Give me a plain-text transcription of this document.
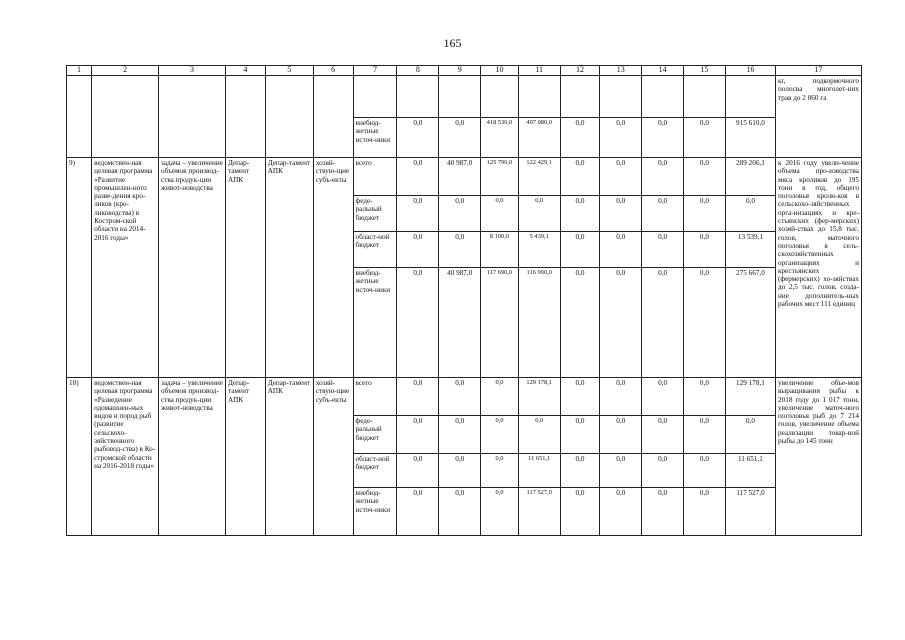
165
1	2	3	4	5	6	7	8	9	10	11	12	13	14	15	16	17
																кг, подкормочного полосва многолет-них трав до 2 860 га
						внебюд-жетные источ-ники	0,0	0,0	418 530,0	497 080,0	0,0	0,0	0,0	0,0	915 610,0	
9)	ведомствен-ная целевая программа «Развитие промышлен-ного разве-дения кро-ликов (кро-лиководства) в Костром-ской области на 2014-2016 годы»	задача – увеличение объемов производ-ства продук-ции живот-новодства	Депар-тамент АПК	Депар-тамент АПК	хозяй-ствую-щие субъ-екты	всего	0,0	40 987,0	125 790,0	122 429,1	0,0	0,0	0,0	0,0	289 206,1	к 2016 году увели-чение объема про-изводства мяса кроликов до 195 тонн в год, общего поголовья кроли-ков в сельскохо-зяйственных орга-низациях и кре-стьянских (фер-мерских) хозяй-ствах до 15,8 тыс. голов, маточного поголовья в сель-скохозяйственных организациях и крестьянских (фермерских) хо-зяйствах до 2,5 тыс. голов, созда-ние дополнитель-ных рабочих мест 111 единиц
						феде-ральный бюджет	0,0	0,0	0,0	0,0	0,0	0,0	0,0	0,0	0,0	
						област-ной бюджет	0,0	0,0	8 100,0	5 439,1	0,0	0,0	0,0	0,0	13 539,1	
						внебюд-жетные источ-ники	0,0	40 987,0	117 690,0	116 990,0	0,0	0,0	0,0	0,0	275 667,0	
10)	ведомствен-ная целевая программа «Разведение одомашнен-ных видов и пород рыб (развитие сельскохо-зяйственного рыбовод-ства) в Ко-стромской области на 2016-2018 годы»	задача – увеличение объемов производ-ства продук-ции живот-новодства	Депар-тамент АПК	Депар-тамент АПК	хозяй-ствую-щие субъ-екты	всего	0,0	0,0	0,0	129 178,1	0,0	0,0	0,0	0,0	129 178,1	увеличение объе-мов выращивания рыбы к 2018 году до 1 017 тонн, увеличение маточ-ного поголовья рыб до 7 214 голов, увеличение объема реализации товар-ной рыбы до 145 тонн
						феде-ральный бюджет	0,0	0,0	0,0	0,0	0,0	0,0	0,0	0,0	0,0	
						област-ной бюджет	0,0	0,0	0,0	11 651,1	0,0	0,0	0,0	0,0	11 651,1	
						внебюд-жетные источ-ники	0,0	0,0	0,0	117 527,0	0,0	0,0	0,0	0,0	117 527,0	
